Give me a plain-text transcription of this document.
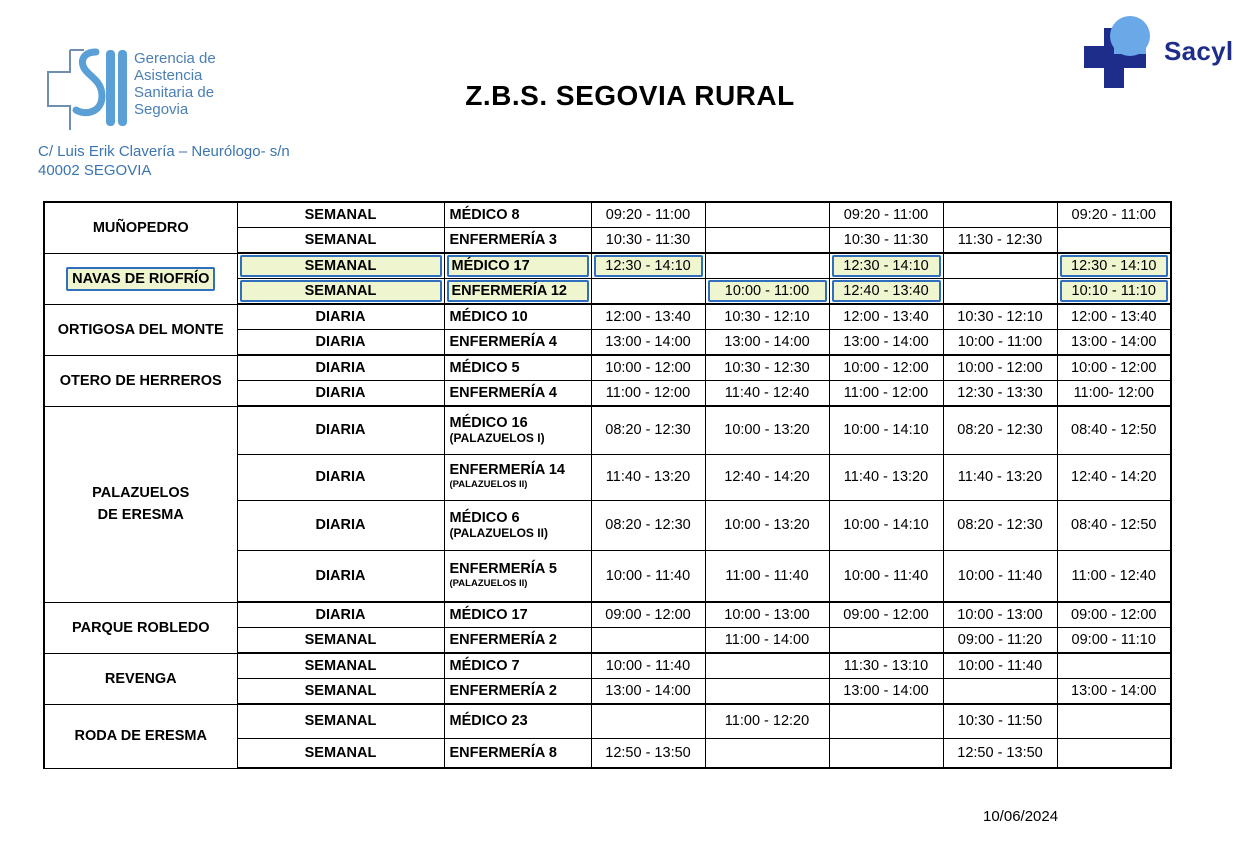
Gerencia de
Asistencia
Sanitaria de
Segovia
C/ Luis Erik Clavería – Neurólogo- s/n
40002 SEGOVIA
Z.B.S. SEGOVIA RURAL
Sacyl
MUÑOPEDRO	SEMANAL	MÉDICO 8	09:20 - 11:00		09:20 - 11:00		09:20 - 11:00
	SEMANAL	ENFERMERÍA 3	10:30 - 11:30		10:30 - 11:30	11:30 - 12:30	
NAVAS DE RIOFRÍO	SEMANAL	MÉDICO 17	12:30 - 14:10		12:30 - 14:10		12:30 - 14:10

	SEMANAL	ENFERMERÍA 12		10:00 - 11:00	12:40 - 13:40		10:10 - 11:10

ORTIGOSA DEL MONTE	DIARIA	MÉDICO 10	12:00 - 13:40	10:30 - 12:10	12:00 - 13:40	10:30 - 12:10	12:00 - 13:40
	DIARIA	ENFERMERÍA 4	13:00 - 14:00	13:00 - 14:00	13:00 - 14:00	10:00 - 11:00	13:00 - 14:00
OTERO DE HERREROS	DIARIA	MÉDICO 5	10:00 - 12:00	10:30 - 12:30	10:00 - 12:00	10:00 - 12:00	10:00 - 12:00
	DIARIA	ENFERMERÍA 4	11:00 - 12:00	11:40 - 12:40	11:00 - 12:00	12:30 - 13:30	11:00- 12:00
PALAZUELOS DE ERESMA	DIARIA	MÉDICO 16
(PALAZUELOS I)	08:20 - 12:30	10:00 - 13:20	10:00 - 14:10	08:20 - 12:30	08:40 - 12:50
	DIARIA	ENFERMERÍA 14
(PALAZUELOS II)	11:40 - 13:20	12:40 - 14:20	11:40 - 13:20	11:40 - 13:20	12:40 - 14:20
	DIARIA	MÉDICO 6
(PALAZUELOS II)	08:20 - 12:30	10:00 - 13:20	10:00 - 14:10	08:20 - 12:30	08:40 - 12:50
	DIARIA	ENFERMERÍA 5
(PALAZUELOS II)	10:00 - 11:40	11:00 - 11:40	10:00 - 11:40	10:00 - 11:40	11:00 - 12:40
PARQUE ROBLEDO	DIARIA	MÉDICO 17	09:00 - 12:00	10:00 - 13:00	09:00 - 12:00	10:00 - 13:00	09:00 - 12:00
	SEMANAL	ENFERMERÍA 2		11:00 - 14:00		09:00 - 11:20	09:00 - 11:10
REVENGA	SEMANAL	MÉDICO 7	10:00 - 11:40		11:30 - 13:10	10:00 - 11:40	
	SEMANAL	ENFERMERÍA 2	13:00 - 14:00		13:00 - 14:00		13:00 - 14:00
RODA DE ERESMA	SEMANAL	MÉDICO 23		11:00 - 12:20		10:30 - 11:50	
	SEMANAL	ENFERMERÍA 8	12:50 - 13:50			12:50 - 13:50	
10/06/2024
